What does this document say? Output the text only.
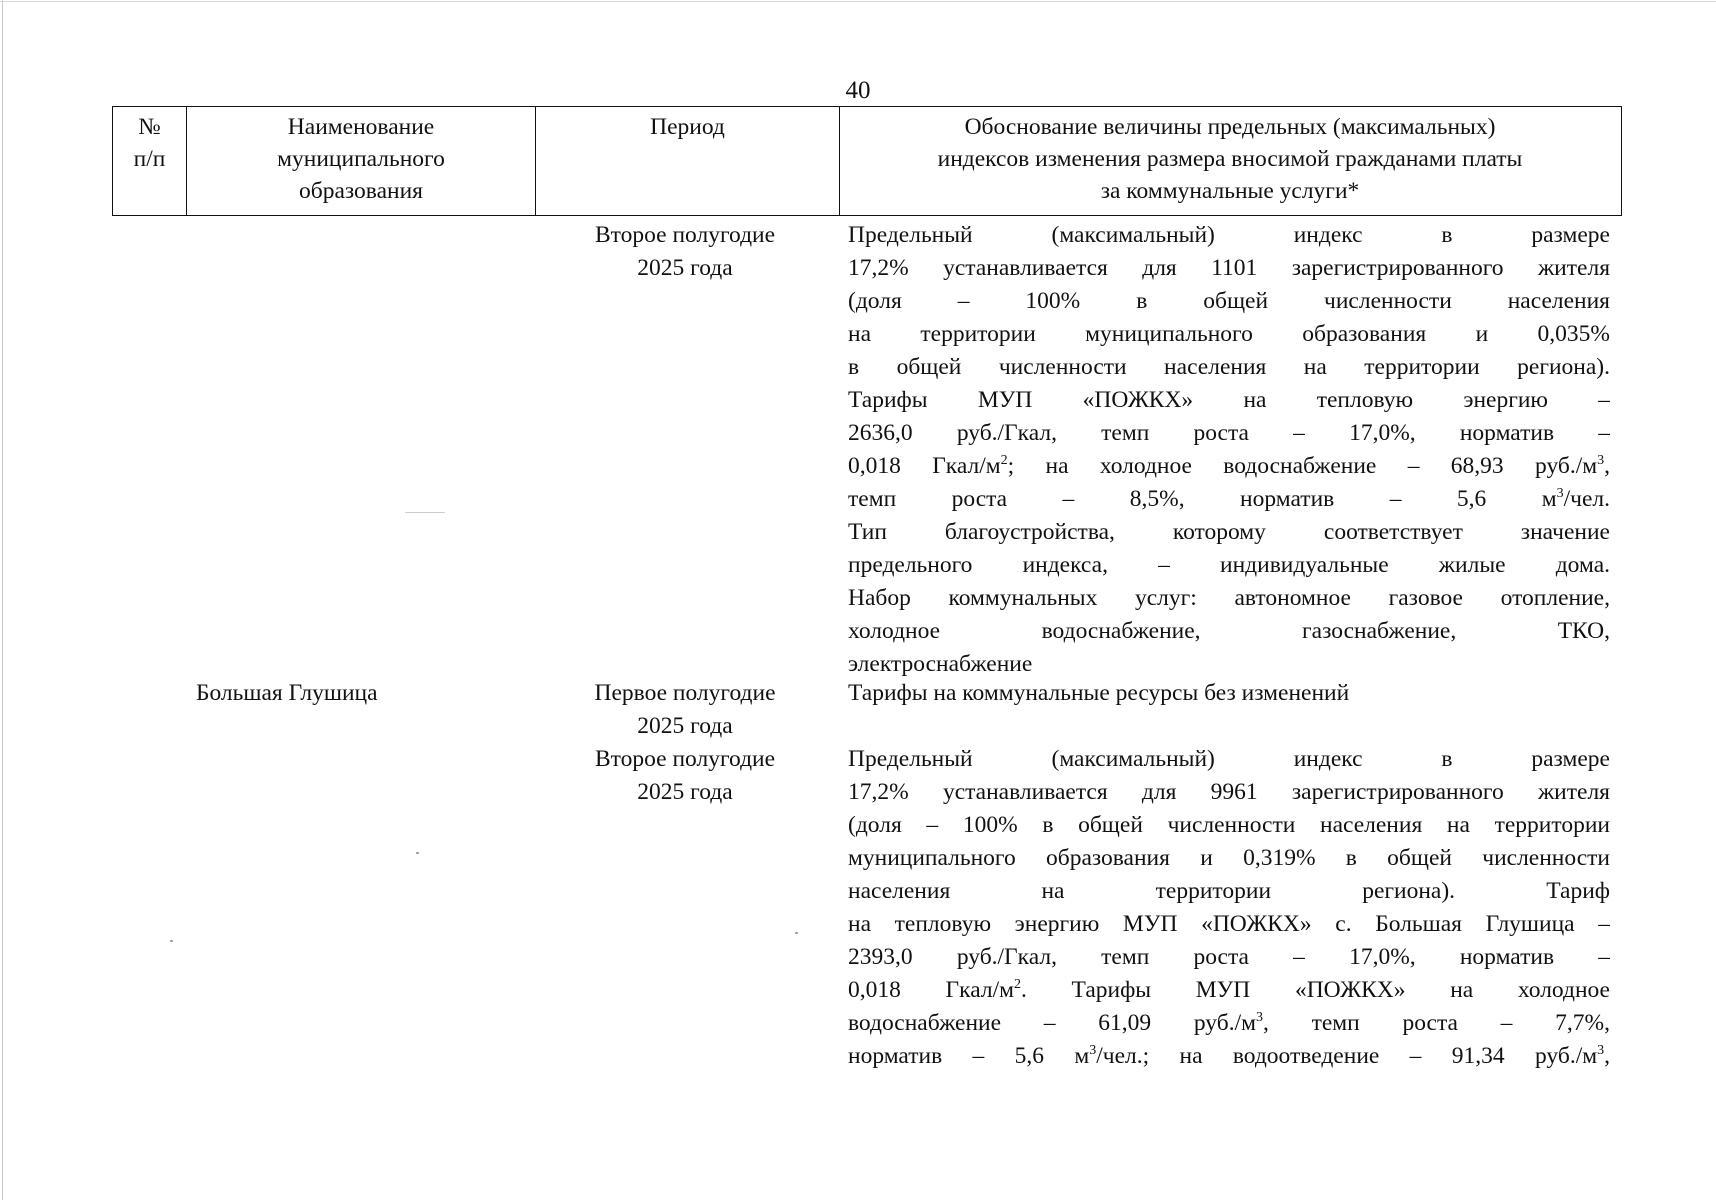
40
№
п/п
Наименование
муниципального
образования
Период	Обоснование величины предельных (максимальных)
индексов изменения размера вносимой гражданами платы
за коммунальные услуги*
Второе полугодие
2025 года
Предельный (максимальный) индекс в размере
17,2% устанавливается для 1101 зарегистрированного жителя
(доля – 100% в общей численности населения
на территории муниципального образования и 0,035%
в общей численности населения на территории региона).
Тарифы МУП «ПОЖКХ» на тепловую энергию –
2636,0 руб./Гкал, темп роста – 17,0%, норматив –
0,018 Гкал/$м^2$; на холодное водоснабжение – 68,93 $руб./м^3$,
темп роста – 8,5%, норматив – 5,6 $м^3$/чел.
Тип благоустройства, которому соответствует значение
предельного индекса, – индивидуальные жилые дома.
Набор коммунальных услуг: автономное газовое отопление,
холодное водоснабжение, газоснабжение, ТКО,
электроснабжение
Большая Глушица	Первое полугодие
2025 года
Тарифы на коммунальные ресурсы без изменений
Второе полугодие
2025 года
Предельный (максимальный) индекс в размере
17,2% устанавливается для 9961 зарегистрированного жителя
(доля – 100% в общей численности населения на территории
муниципального образования и 0,319% в общей численности
населения на территории региона). Тариф
на тепловую энергию МУП «ПОЖКХ» с. Большая Глушица –
2393,0 руб./Гкал, темп роста – 17,0%, норматив –
0,018 Гкал/$м^2$. Тарифы МУП «ПОЖКХ» на холодное
водоснабжение – 61,09 $руб./м^3$, темп роста – 7,7%,
норматив – 5,6 $м^3$/чел.; на водоотведение – 91,34 $руб./м^3$,
